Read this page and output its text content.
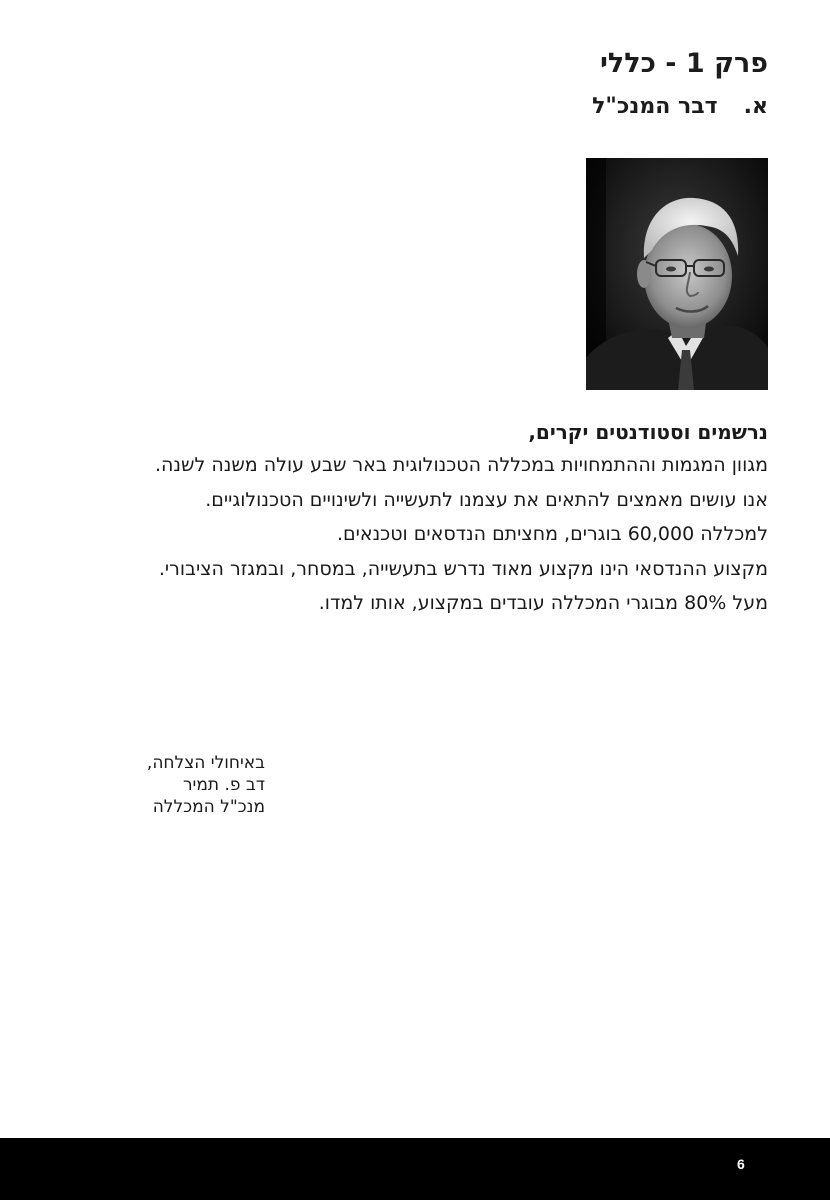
פרק 1 - כללי
א.דבר המנכ"ל
נרשמים וסטודנטים יקרים,
מגוון המגמות וההתמחויות במכללה הטכנולוגית באר שבע עולה משנה לשנה.
אנו עושים מאמצים להתאים את עצמנו לתעשייה ולשינויים הטכנולוגיים.
למכללה 60,000 בוגרים, מחציתם הנדסאים וטכנאים.
מקצוע ההנדסאי הינו מקצוע מאוד נדרש בתעשייה, במסחר, ובמגזר הציבורי.
מעל 80% מבוגרי המכללה עובדים במקצוע, אותו למדו.
באיחולי הצלחה,
דב פ. תמיר
מנכ"ל המכללה
6
